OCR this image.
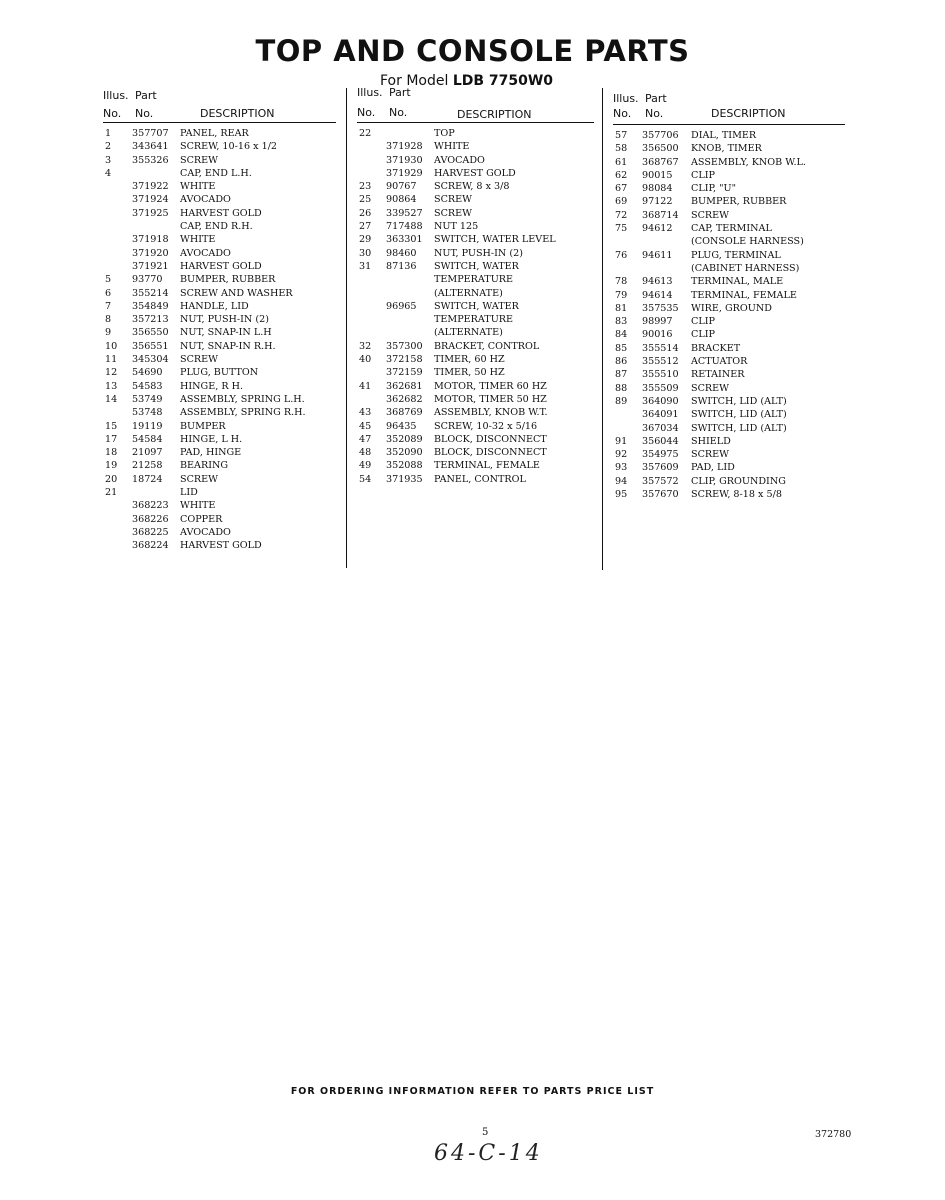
TOP AND CONSOLE PARTS
For Model LDB 7750W0
Illus. Part
No. No.	DESCRIPTION
1 357707 PANEL, REAR
2 343641 SCREW, 10-16 x 1/2
3 355326 SCREW
4	CAP, END L.H.
371922 WHITE
371924 AVOCADO
371925 HARVEST GOLD
CAP, END R.H.
371918 WHITE
371920 AVOCADO
371921 HARVEST GOLD
5 93770 BUMPER, RUBBER
6 355214 SCREW AND WASHER
7 354849 HANDLE, LID
8 357213 NUT, PUSH-IN (2)
9 356550 NUT, SNAP-IN L.H
10 356551 NUT, SNAP-IN R.H.
11 345304 SCREW
12 54690 PLUG, BUTTON
13 54583 HINGE, R H.
14 53749 ASSEMBLY, SPRING L.H.
53748 ASSEMBLY, SPRING R.H.
15 19119 BUMPER
17 54584 HINGE, L H.
18 21097 PAD, HINGE
19 21258 BEARING
20 18724 SCREW
21	LID
368223 WHITE
368226 COPPER
368225 AVOCADO
368224 HARVEST GOLD
Illus. Part
No. No.	DESCRIPTION
22	TOP
371928 WHITE
371930 AVOCADO
371929 HARVEST GOLD
23 90767 SCREW, 8 x 3/8
25 90864 SCREW
26 339527 SCREW
27 717488 NUT 125
29 363301 SWITCH, WATER LEVEL
30 98460 NUT, PUSH-IN (2)
31 87136 SWITCH, WATER
TEMPERATURE
(ALTERNATE)
96965 SWITCH, WATER
TEMPERATURE
(ALTERNATE)
32 357300 BRACKET, CONTROL
40 372158 TIMER, 60 HZ
372159 TIMER, 50 HZ
41 362681 MOTOR, TIMER 60 HZ
362682 MOTOR, TIMER 50 HZ
43 368769 ASSEMBLY, KNOB W.T.
45 96435 SCREW, 10-32 x 5/16
47 352089 BLOCK, DISCONNECT
48 352090 BLOCK, DISCONNECT
49 352088 TERMINAL, FEMALE
54 371935 PANEL, CONTROL
Illus. Part
No. No.	DESCRIPTION
57 357706 DIAL, TIMER
58 356500 KNOB, TIMER
61 368767 ASSEMBLY, KNOB W.L.
62 90015 CLIP
67 98084 CLIP, "U"
69 97122 BUMPER, RUBBER
72 368714 SCREW
75 94612 CAP, TERMINAL
(CONSOLE HARNESS)
76 94611 PLUG, TERMINAL
(CABINET HARNESS)
78 94613 TERMINAL, MALE
79 94614 TERMINAL, FEMALE
81 357535 WIRE, GROUND
83 98997 CLIP
84 90016 CLIP
85 355514 BRACKET
86 355512 ACTUATOR
87 355510 RETAINER
88 355509 SCREW
89 364090 SWITCH, LID (ALT)
364091 SWITCH, LID (ALT)
367034 SWITCH, LID (ALT)
91 356044 SHIELD
92 354975 SCREW
93 357609 PAD, LID
94 357572 CLIP, GROUNDING
95 357670 SCREW, 8-18 x 5/8
FOR ORDERING INFORMATION REFER TO PARTS PRICE LIST
5	372780
64-C-14
